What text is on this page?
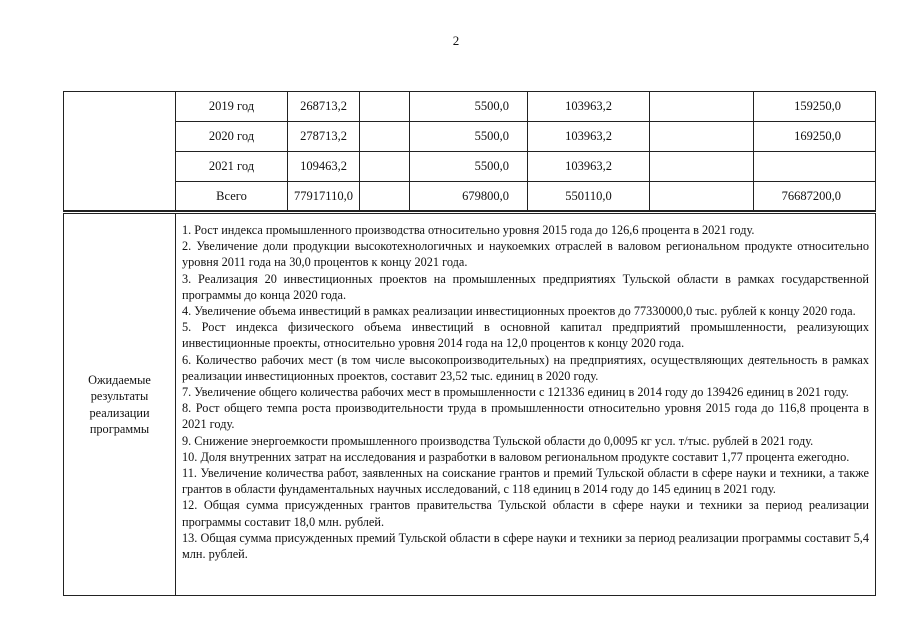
2
	2019 год	268713,2		5500,0	103963,2		159250,0
	2020 год	278713,2		5500,0	103963,2		169250,0
	2021 год	109463,2		5500,0	103963,2		
	Всего	77917110,0		679800,0	550110,0		76687200,0
Ожидаемые результаты реализации программы	

1. Рост индекса промышленного производства относительно уровня 2015 года до 126,6 процента в 2021 году.

2. Увеличение доли продукции высокотехнологичных и наукоемких отраслей в валовом региональном продукте относительно уровня 2011 года на 30,0 процентов к концу 2021 года.

3. Реализация 20 инвестиционных проектов на промышленных предприятиях Тульской области в рамках государственной программы до конца 2020 года.

4. Увеличение объема инвестиций в рамках реализации инвестиционных проектов до 77330000,0 тыс. рублей к концу 2020 года.

5. Рост индекса физического объема инвестиций в основной капитал предприятий промышленности, реализующих инвестиционные проекты, относительно уровня 2014 года на 12,0 процентов к концу 2020 года.

6. Количество рабочих мест (в том числе высокопроизводительных) на предприятиях, осуществляющих деятельность в рамках реализации инвестиционных проектов, составит 23,52 тыс. единиц в 2020 году.

7. Увеличение общего количества рабочих мест в промышленности с 121336 единиц в 2014 году до 139426 единиц в 2021 году.

8. Рост общего темпа роста производительности труда в промышленности относительно уровня 2015 года до 116,8 процента в 2021 году.

9. Снижение энергоемкости промышленного производства Тульской области до 0,0095 кг усл. т/тыс. рублей в 2021 году.

10. Доля внутренних затрат на исследования и разработки в валовом региональном продукте составит 1,77 процента ежегодно.

11. Увеличение количества работ, заявленных на соискание грантов и премий Тульской области в сфере науки и техники, а также грантов в области фундаментальных научных исследований, с 118 единиц в 2014 году до 145 единиц в 2021 году.

12. Общая сумма присужденных грантов правительства Тульской области в сфере науки и техники за период реализации программы составит 18,0 млн. рублей.

13. Общая сумма присужденных премий Тульской области в сфере науки и техники за период реализации программы составит 5,4 млн. рублей.
